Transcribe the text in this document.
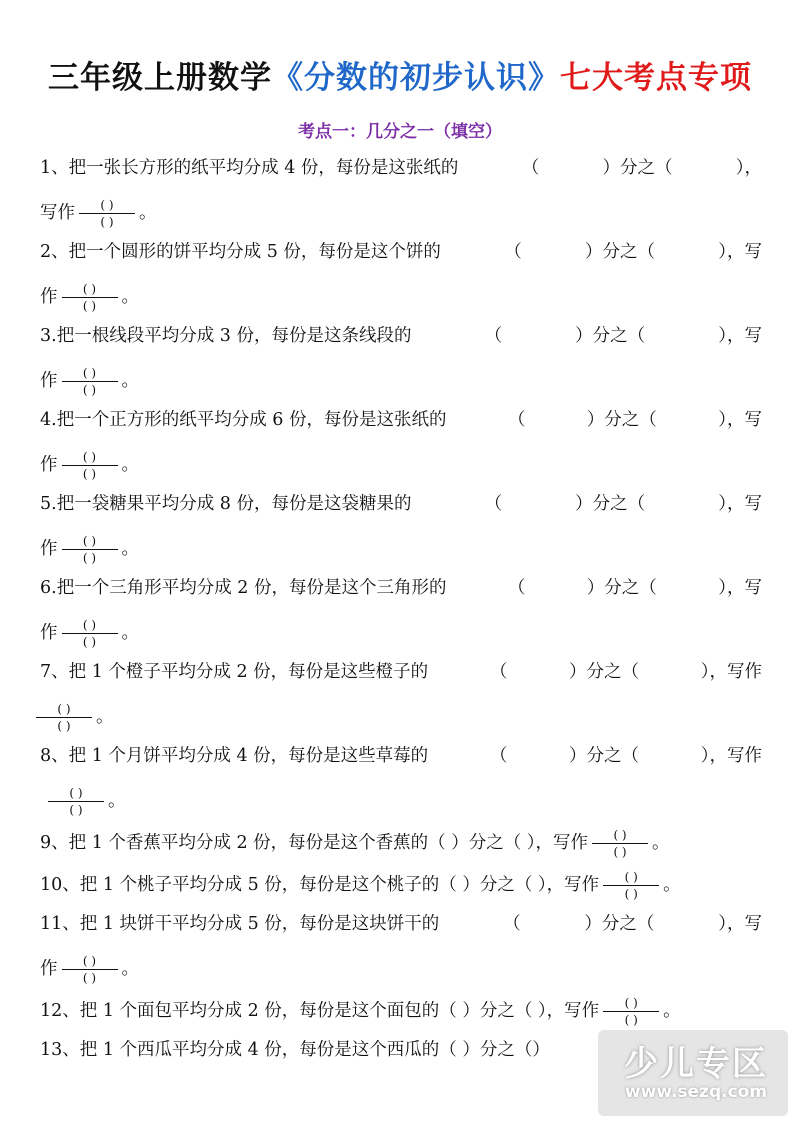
三年级上册数学《分数的初步认识》七大考点专项
考点一：几分之一（填空）
1、把一张长方形的纸平均分成 4 份，每份是这张纸的	（	）分之（	），
写作 $\frac{( )}{( )}$ 。
2、把一个圆形的饼平均分成 5 份，每份是这个饼的	（	）分之（	），写
作 $\frac{( )}{( )}$ 。
3.把一根线段平均分成 3 份，每份是这条线段的	（	）分之（	），写
作 $\frac{( )}{( )}$ 。
4.把一个正方形的纸平均分成 6 份，每份是这张纸的	（	）分之（	），写
作 $\frac{( )}{( )}$ 。
5.把一袋糖果平均分成 8 份，每份是这袋糖果的	（	）分之（	），写
作 $\frac{( )}{( )}$ 。
6.把一个三角形平均分成 2 份，每份是这个三角形的	（	）分之（	），写
作 $\frac{( )}{( )}$ 。
7、把 1 个橙子平均分成 2 份，每份是这些橙子的	（	）分之（	），写作
$\frac{( )}{( )}$ 。
8、把 1 个月饼平均分成 4 份，每份是这些草莓的	（	）分之（	），写作
$\frac{( )}{( )}$ 。
9、把 1 个香蕉平均分成 2 份，每份是这个香蕉的（ ）分之（ ），写作 $\frac{( )}{( )}$ 。
10、把 1 个桃子平均分成 5 份，每份是这个桃子的（ ）分之（ ），写作 $\frac{( )}{( )}$ 。
11、把 1 块饼干平均分成 5 份，每份是这块饼干的	（	）分之（	），写
作 $\frac{( )}{( )}$ 。
12、把 1 个面包平均分成 2 份，每份是这个面包的（ ）分之（ ），写作 $\frac{( )}{( )}$ 。
13、把 1 个西瓜平均分成 4 份，每份是这个西瓜的（ ）分之（）	少儿专区
www.sezq.com
